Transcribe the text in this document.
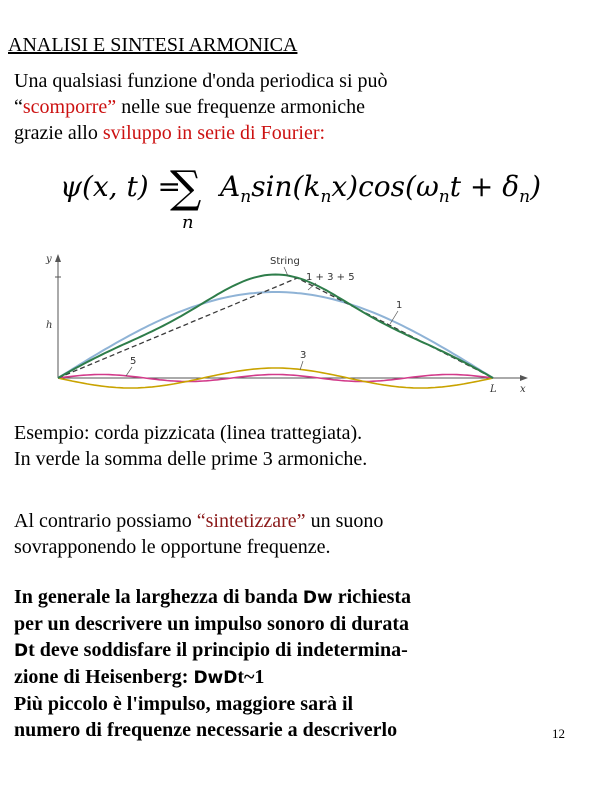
ANALISI E SINTESI ARMONICA
Una qualsiasi funzione d'onda periodica si può
“scomporre” nelle sue frequenze armoniche
grazie allo sviluppo in serie di Fourier:
ψ(x, t) =
∑
n
$A_n\sin(k_nx)\cos(\omega_nt + \delta_n)$
y
x
h
L
String
1 + 3 + 5
1
3
5
Esempio: corda pizzicata (linea trattegiata).
In verde la somma delle prime 3 armoniche.
Al contrario possiamo “sintetizzare” un suono
sovrapponendo le opportune frequenze.
In generale la larghezza di banda Dw richiesta
per un descrivere un impulso sonoro di durata
Dt deve soddisfare il principio di indetermina-
zione di Heisenberg: DwDt~1
Più piccolo è l'impulso, maggiore sarà il
numero di frequenze necessarie a descriverlo	12
